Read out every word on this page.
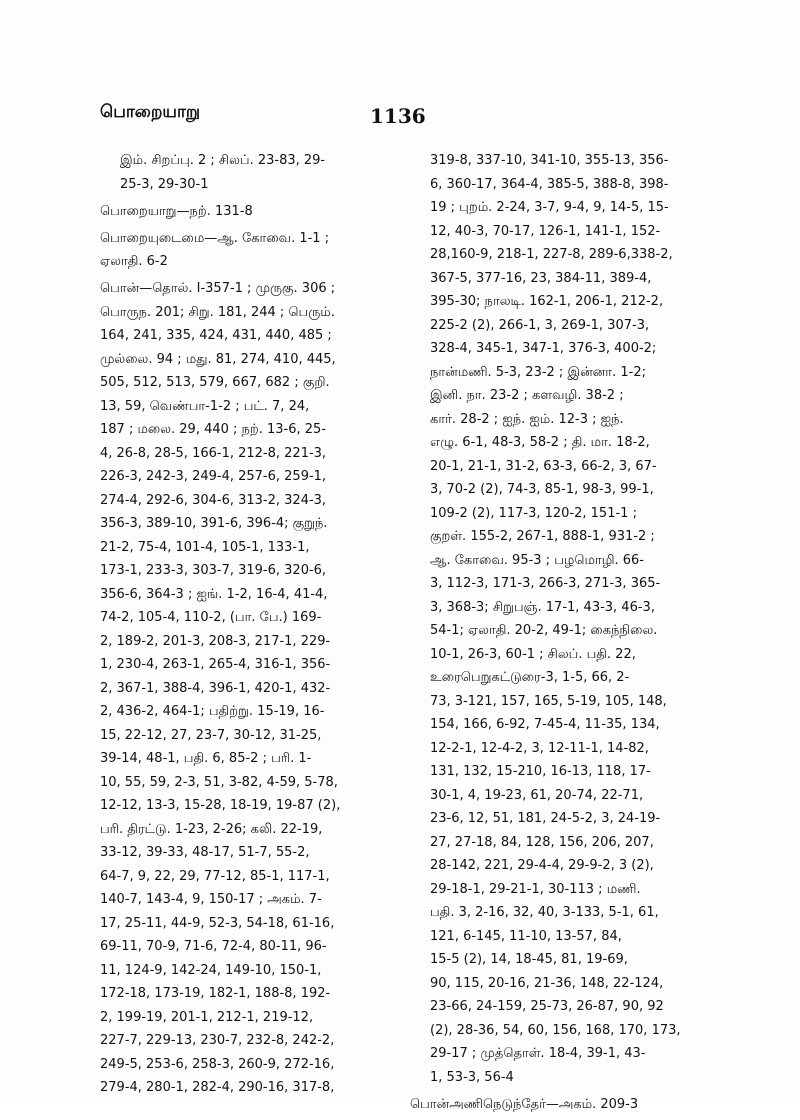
பொறையாறு	1136
இம். சிறப்பு. 2 ; சிலப். 23-83, 29-
25-3, 29-30-1
பொறையாறு—நற். 131-8
பொறையுடைமை—ஆ. கோவை. 1-1 ;
ஏலாதி. 6-2
பொன்—தொல். I-357-1 ; முருகு. 306 ;
பொருந. 201; சிறு. 181, 244 ; பெரும்.
164, 241, 335, 424, 431, 440, 485 ;
முல்லை. 94 ; மது. 81, 274, 410, 445,
505, 512, 513, 579, 667, 682 ; குறி.
13, 59, வெண்பா-1-2 ; பட். 7, 24,
187 ; மலை. 29, 440 ; நற். 13-6, 25-
4, 26-8, 28-5, 166-1, 212-8, 221-3,
226-3, 242-3, 249-4, 257-6, 259-1,
274-4, 292-6, 304-6, 313-2, 324-3,
356-3, 389-10, 391-6, 396-4; குறுந்.
21-2, 75-4, 101-4, 105-1, 133-1,
173-1, 233-3, 303-7, 319-6, 320-6,
356-6, 364-3 ; ஐங். 1-2, 16-4, 41-4,
74-2, 105-4, 110-2, (பா. பே.) 169-
2, 189-2, 201-3, 208-3, 217-1, 229-
1, 230-4, 263-1, 265-4, 316-1, 356-
2, 367-1, 388-4, 396-1, 420-1, 432-
2, 436-2, 464-1; பதிற்று. 15-19, 16-
15, 22-12, 27, 23-7, 30-12, 31-25,
39-14, 48-1, பதி. 6, 85-2 ; பரி. 1-
10, 55, 59, 2-3, 51, 3-82, 4-59, 5-78,
12-12, 13-3, 15-28, 18-19, 19-87 (2),
பரி. திரட்டு. 1-23, 2-26; கலி. 22-19,
33-12, 39-33, 48-17, 51-7, 55-2,
64-7, 9, 22, 29, 77-12, 85-1, 117-1,
140-7, 143-4, 9, 150-17 ; அகம். 7-
17, 25-11, 44-9, 52-3, 54-18, 61-16,
69-11, 70-9, 71-6, 72-4, 80-11, 96-
11, 124-9, 142-24, 149-10, 150-1,
172-18, 173-19, 182-1, 188-8, 192-
2, 199-19, 201-1, 212-1, 219-12,
227-7, 229-13, 230-7, 232-8, 242-2,
249-5, 253-6, 258-3, 260-9, 272-16,
279-4, 280-1, 282-4, 290-16, 317-8,
319-8, 337-10, 341-10, 355-13, 356-
6, 360-17, 364-4, 385-5, 388-8, 398-
19 ; புறம். 2-24, 3-7, 9-4, 9, 14-5, 15-
12, 40-3, 70-17, 126-1, 141-1, 152-
28,160-9, 218-1, 227-8, 289-6,338-2,
367-5, 377-16, 23, 384-11, 389-4,
395-30; நாலடி. 162-1, 206-1, 212-2,
225-2 (2), 266-1, 3, 269-1, 307-3,
328-4, 345-1, 347-1, 376-3, 400-2;
நான்மணி. 5-3, 23-2 ; இன்னா. 1-2;
இனி. நா. 23-2 ; களவழி. 38-2 ;
கார். 28-2 ; ஐந். ஐம். 12-3 ; ஐந்.
எழு. 6-1, 48-3, 58-2 ; தி. மா. 18-2,
20-1, 21-1, 31-2, 63-3, 66-2, 3, 67-
3, 70-2 (2), 74-3, 85-1, 98-3, 99-1,
109-2 (2), 117-3, 120-2, 151-1 ;
குறள். 155-2, 267-1, 888-1, 931-2 ;
ஆ. கோவை. 95-3 ; பழமொழி. 66-
3, 112-3, 171-3, 266-3, 271-3, 365-
3, 368-3; சிறுபஞ். 17-1, 43-3, 46-3,
54-1; ஏலாதி. 20-2, 49-1; கைந்நிலை.
10-1, 26-3, 60-1 ; சிலப். பதி. 22,
உரைபெறுகட்டுரை-3, 1-5, 66, 2-
73, 3-121, 157, 165, 5-19, 105, 148,
154, 166, 6-92, 7-45-4, 11-35, 134,
12-2-1, 12-4-2, 3, 12-11-1, 14-82,
131, 132, 15-210, 16-13, 118, 17-
30-1, 4, 19-23, 61, 20-74, 22-71,
23-6, 12, 51, 181, 24-5-2, 3, 24-19-
27, 27-18, 84, 128, 156, 206, 207,
28-142, 221, 29-4-4, 29-9-2, 3 (2),
29-18-1, 29-21-1, 30-113 ; மணி.
பதி. 3, 2-16, 32, 40, 3-133, 5-1, 61,
121, 6-145, 11-10, 13-57, 84,
15-5 (2), 14, 18-45, 81, 19-69,
90, 115, 20-16, 21-36, 148, 22-124,
23-66, 24-159, 25-73, 26-87, 90, 92
(2), 28-36, 54, 60, 156, 168, 170, 173,
29-17 ; முத்தொள். 18-4, 39-1, 43-
1, 53-3, 56-4
பொன்அணிநெடுந்தேர்—அகம். 209-3
